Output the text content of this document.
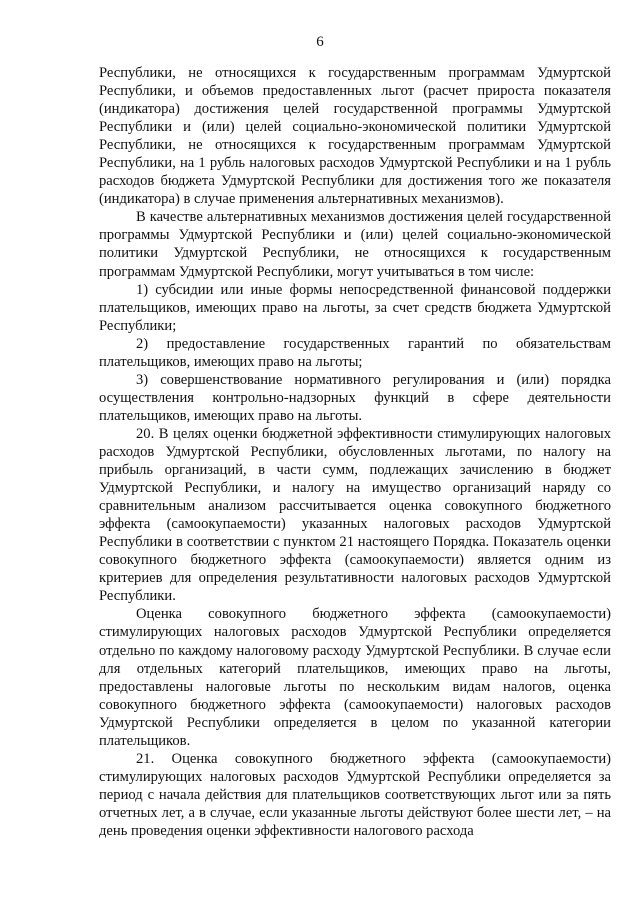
6

Республики, не относящихся к государственным программам Удмуртской Республики, и объемов предоставленных льгот (расчет прироста показателя (индикатора) достижения целей государственной программы Удмуртской Республики и (или) целей социально-экономической политики Удмуртской Республики, не относящихся к государственным программам Удмуртской Республики, на 1 рубль налоговых расходов Удмуртской Республики и на 1 рубль расходов бюджета Удмуртской Республики для достижения того же показателя (индикатора) в случае применения альтернативных механизмов).

В качестве альтернативных механизмов достижения целей государственной программы Удмуртской Республики и (или) целей социально-экономической политики Удмуртской Республики, не относящихся к государственным программам Удмуртской Республики, могут учитываться в том числе:

1) субсидии или иные формы непосредственной финансовой поддержки плательщиков, имеющих право на льготы, за счет средств бюджета Удмуртской Республики;

2) предоставление государственных гарантий по обязательствам плательщиков, имеющих право на льготы;

3) совершенствование нормативного регулирования и (или) порядка осуществления контрольно-надзорных функций в сфере деятельности плательщиков, имеющих право на льготы.

20. В целях оценки бюджетной эффективности стимулирующих налоговых расходов Удмуртской Республики, обусловленных льготами, по налогу на прибыль организаций, в части сумм, подлежащих зачислению в бюджет Удмуртской Республики, и налогу на имущество организаций наряду со сравнительным анализом рассчитывается оценка совокупного бюджетного эффекта (самоокупаемости) указанных налоговых расходов Удмуртской Республики в соответствии с пунктом 21 настоящего Порядка. Показатель оценки совокупного бюджетного эффекта (самоокупаемости) является одним из критериев для определения результативности налоговых расходов Удмуртской Республики.

Оценка совокупного бюджетного эффекта (самоокупаемости) стимулирующих налоговых расходов Удмуртской Республики определяется отдельно по каждому налоговому расходу Удмуртской Республики. В случае если для отдельных категорий плательщиков, имеющих право на льготы, предоставлены налоговые льготы по нескольким видам налогов, оценка совокупного бюджетного эффекта (самоокупаемости) налоговых расходов Удмуртской Республики определяется в целом по указанной категории плательщиков.

21. Оценка совокупного бюджетного эффекта (самоокупаемости) стимулирующих налоговых расходов Удмуртской Республики определяется за период с начала действия для плательщиков соответствующих льгот или за пять отчетных лет, а в случае, если указанные льготы действуют более шести лет, – на день проведения оценки эффективности налогового расхода
